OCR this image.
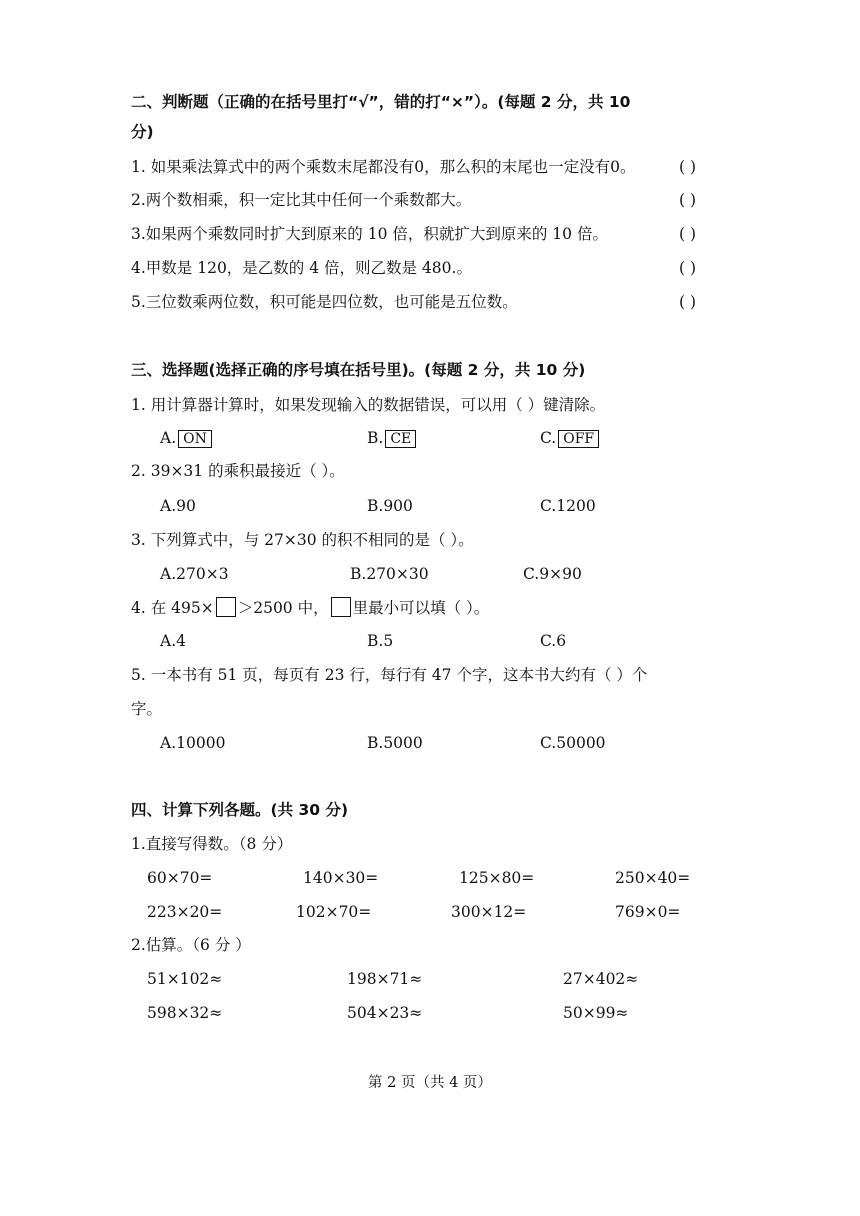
二、判断题（正确的在括号里打“√”，错的打“×”）。(每题 2 分，共 10
分)
1. 如果乘法算式中的两个乘数末尾都没有0，那么积的末尾也一定没有0。	( )
2.两个数相乘，积一定比其中任何一个乘数都大。	( )
3.如果两个乘数同时扩大到原来的 10 倍，积就扩大到原来的 10 倍。	( )
4.甲数是 120，是乙数的 4 倍，则乙数是 480.。	( )
5.三位数乘两位数，积可能是四位数，也可能是五位数。	( )
三、选择题(选择正确的序号填在括号里)。(每题 2 分，共 10 分)
1. 用计算器计算时，如果发现输入的数据错误，可以用（ ）键清除。
A. ON	B. CE	C. OFF
2. 39×31 的乘积最接近（ ）。
A.90	B.900	C.1200
3. 下列算式中，与 27×30 的积不相同的是（ ）。
A.270×3	B.270×30	C.9×90
4. 在 495× ＞2500 中， 里最小可以填（ ）。
A.4	B.5	C.6
5. 一本书有 51 页，每页有 23 行，每行有 47 个字，这本书大约有（ ）个
字。
A.10000	B.5000	C.50000
四、计算下列各题。(共 30 分)
1.直接写得数。（8 分）
60×70=	140×30=	125×80=	250×40=
223×20=	102×70=	300×12=	769×0=
2.估算。（6 分 ）
51×102≈	198×71≈	27×402≈
598×32≈	504×23≈	50×99≈
第 2 页（共 4 页）
